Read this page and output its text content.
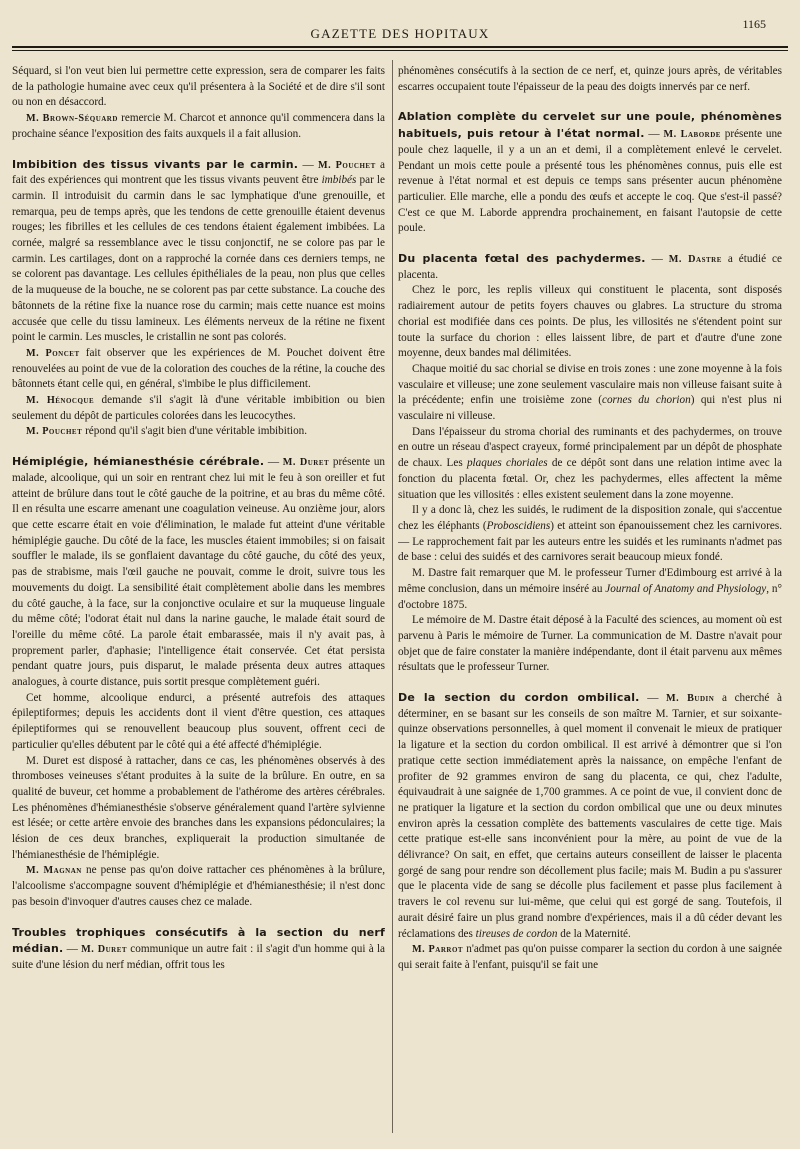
GAZETTE DES HOPITAUX
1165

Séquard, si l'on veut bien lui permettre cette expression, sera de comparer les faits de la pathologie humaine avec ceux qu'il présentera à la Société et de dire s'il sont ou non en désaccord.

M. Brown-Séquard remercie M. Charcot et annonce qu'il commencera dans la prochaine séance l'exposition des faits auxquels il a fait allusion.

Imbibition des tissus vivants par le carmin. — M. Pouchet a fait des expériences qui montrent que les tissus vivants peuvent être imbibés par le carmin. Il introduisit du carmin dans le sac lymphatique d'une grenouille, et remarqua, peu de temps après, que les tendons de cette grenouille étaient devenus rouges; les fibrilles et les cellules de ces tendons étaient également imbibées. La cornée, malgré sa ressemblance avec le tissu conjonctif, ne se colore pas par le carmin. Les cartilages, dont on a rapproché la cornée dans ces derniers temps, ne se colorent pas davantage. Les cellules épithéliales de la peau, non plus que celles de la muqueuse de la bouche, ne se colorent pas par cette substance. La couche des bâtonnets de la rétine fixe la nuance rose du carmin; mais cette nuance est moins accusée que celle du tissu lamineux. Les éléments nerveux de la rétine ne fixent point le carmin. Les muscles, le cristallin ne sont pas colorés.

M. Poncet fait observer que les expériences de M. Pouchet doivent être renouvelées au point de vue de la coloration des couches de la rétine, la couche des bâtonnets étant celle qui, en général, s'imbibe le plus difficilement.

M. Hénocque demande s'il s'agit là d'une véritable imbibition ou bien seulement du dépôt de particules colorées dans les leucocythes.

M. Pouchet répond qu'il s'agit bien d'une véritable imbibition.

Hémiplégie, hémianesthésie cérébrale. — M. Duret présente un malade, alcoolique, qui un soir en rentrant chez lui mit le feu à son oreiller et fut atteint de brûlure dans tout le côté gauche de la poitrine, et au bras du même côté. Il en résulta une escarre amenant une coagulation veineuse. Au onzième jour, alors que cette escarre était en voie d'élimination, le malade fut atteint d'une véritable hémiplégie gauche. Du côté de la face, les muscles étaient immobiles; si on faisait souffler le malade, ils se gonflaient davantage du côté gauche, du côté des yeux, pas de strabisme, mais l'œil gauche ne pouvait, comme le droit, suivre tous les mouvements du doigt. La sensibilité était complètement abolie dans les membres du côté gauche, à la face, sur la conjonctive oculaire et sur la muqueuse linguale du même côté; l'odorat était nul dans la narine gauche, le malade était sourd de l'oreille du même côté. La parole était embarassée, mais il n'y avait pas, à proprement parler, d'aphasie; l'intelligence était conservée. Cet état persista pendant quatre jours, puis disparut, le malade présenta deux autres attaques analogues, à courte distance, puis sortit presque complètement guéri.

Cet homme, alcoolique endurci, a présenté autrefois des attaques épileptiformes; depuis les accidents dont il vient d'être question, ces attaques épileptiformes qui se renouvellent beaucoup plus souvent, offrent ceci de particulier qu'elles débutent par le côté qui a été affecté d'hémiplégie.

M. Duret est disposé à rattacher, dans ce cas, les phénomènes observés à des thromboses veineuses s'étant produites à la suite de la brûlure. En outre, en sa qualité de buveur, cet homme a probablement de l'athérome des artères cérébrales. Les phénomènes d'hémianesthésie s'observe généralement quand l'artère sylvienne est lésée; or cette artère envoie des branches dans les expansions pédonculaires; la lésion de ces deux branches, expliquerait la production simultanée de l'hémianesthésie de l'hémiplégie.

M. Magnan ne pense pas qu'on doive rattacher ces phénomènes à la brûlure, l'alcoolisme s'accompagne souvent d'hémiplégie et d'hémianesthésie; il n'est donc pas besoin d'invoquer d'autres causes chez ce malade.

Troubles trophiques consécutifs à la section du nerf médian. — M. Duret communique un autre fait : il s'agit d'un homme qui à la suite d'une lésion du nerf médian, offrit tous les

phénomènes consécutifs à la section de ce nerf, et, quinze jours après, de véritables escarres occupaient toute l'épaisseur de la peau des doigts innervés par ce nerf.

Ablation complète du cervelet sur une poule, phénomènes habituels, puis retour à l'état normal. — M. Laborde présente une poule chez laquelle, il y a un an et demi, il a complètement enlevé le cervelet. Pendant un mois cette poule a présenté tous les phénomènes connus, puis elle est revenue à l'état normal et est depuis ce temps sans présenter aucun phénomène particulier. Elle marche, elle a pondu des œufs et accepte le coq. Que s'est-il passé? C'est ce que M. Laborde apprendra prochainement, en faisant l'autopsie de cette poule.

Du placenta fœtal des pachydermes. — M. Dastre a étudié ce placenta.

Chez le porc, les replis villeux qui constituent le placenta, sont disposés radiairement autour de petits foyers chauves ou glabres. La structure du stroma chorial est modifiée dans ces points. De plus, les villosités ne s'étendent point sur toute la surface du chorion : elles laissent libre, de part et d'autre d'une zone moyenne, deux bandes mal délimitées.

Chaque moitié du sac chorial se divise en trois zones : une zone moyenne à la fois vasculaire et villeuse; une zone seulement vasculaire mais non villeuse faisant suite à la précédente; enfin une troisième zone (cornes du chorion) qui n'est plus ni vasculaire ni villeuse.

Dans l'épaisseur du stroma chorial des ruminants et des pachydermes, on trouve en outre un réseau d'aspect crayeux, formé principalement par un dépôt de phosphate de chaux. Les plaques choriales de ce dépôt sont dans une relation intime avec la fonction du placenta fœtal. Or, chez les pachydermes, elles affectent la même situation que les villosités : elles existent seulement dans la zone moyenne.

Il y a donc là, chez les suidés, le rudiment de la disposition zonale, qui s'accentue chez les éléphants (Proboscidiens) et atteint son épanouissement chez les carnivores. — Le rapprochement fait par les auteurs entre les suidés et les ruminants n'admet pas de base : celui des suidés et des carnivores serait beaucoup mieux fondé.

M. Dastre fait remarquer que M. le professeur Turner d'Edimbourg est arrivé à la même conclusion, dans un mémoire inséré au Journal of Anatomy and Physiology, n° d'octobre 1875.

Le mémoire de M. Dastre était déposé à la Faculté des sciences, au moment où est parvenu à Paris le mémoire de Turner. La communication de M. Dastre n'avait pour objet que de faire constater la manière indépendante, dont il était parvenu aux mêmes résultats que le professeur Turner.

De la section du cordon ombilical. — M. Budin a cherché à déterminer, en se basant sur les conseils de son maître M. Tarnier, et sur soixante-quinze observations personnelles, à quel moment il convenait le mieux de pratiquer la ligature et la section du cordon ombilical. Il est arrivé à démontrer que si l'on pratique cette section immédiatement après la naissance, on empêche l'enfant de profiter de 92 grammes environ de sang du placenta, ce qui, chez l'adulte, équivaudrait à une saignée de 1,700 grammes. A ce point de vue, il convient donc de ne pratiquer la ligature et la section du cordon ombilical que une ou deux minutes environ après la cessation complète des battements vasculaires de cette tige. Mais cette pratique est-elle sans inconvénient pour la mère, au point de vue de la délivrance? On sait, en effet, que certains auteurs conseillent de laisser le placenta gorgé de sang pour rendre son décollement plus facile; mais M. Budin a pu s'assurer que le placenta vide de sang se décolle plus facilement et passe plus facilement à travers le col revenu sur lui-même, que celui qui est gorgé de sang. Toutefois, il aurait désiré faire un plus grand nombre d'expériences, mais il a dû céder devant les réclamations des tireuses de cordon de la Maternité.

M. Parrot n'admet pas qu'on puisse comparer la section du cordon à une saignée qui serait faite à l'enfant, puisqu'il se fait une
